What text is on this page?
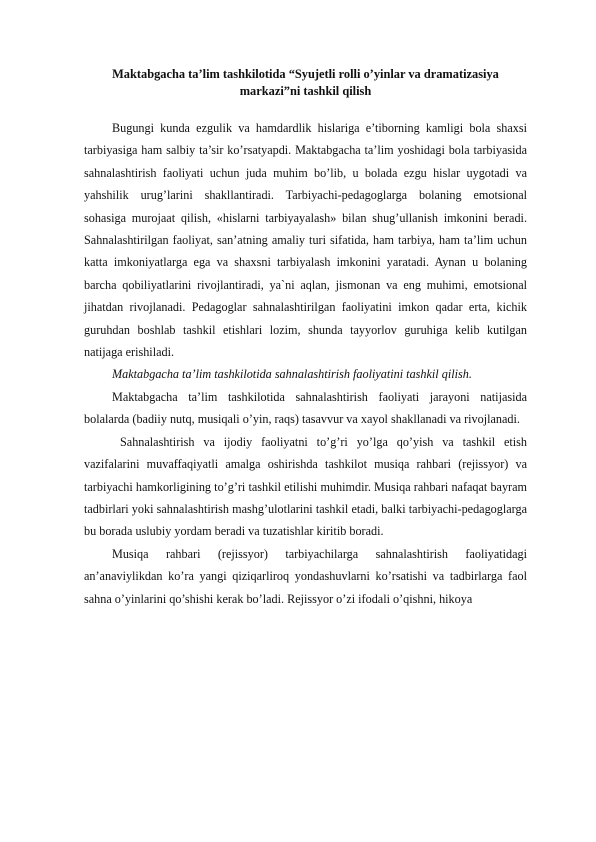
Maktabgacha ta’lim tashkilotida “Syujetli rolli o’yinlar va dramatizasiya
markazi”ni tashkil qilish

Bugungi kunda ezgulik va hamdardlik hislariga e’tiborning kamligi bola shaxsi tarbiyasiga ham salbiy ta’sir ko’rsatyapdi. Maktabgacha ta’lim yoshidagi bola tarbiyasida sahnalashtirish faoliyati uchun juda muhim bo’lib, u bolada ezgu hislar uygotadi va yahshilik urug’larini shakllantiradi. Tarbiyachi-pedagoglarga bolaning emotsional sohasiga murojaat qilish, «hislarni tarbiyayalash» bilan shug’ullanish imkonini beradi. Sahnalashtirilgan faoliyat, san’atning amaliy turi sifatida, ham tarbiya, ham ta’lim uchun katta imkoniyatlarga ega va shaxsni tarbiyalash imkonini yaratadi. Aynan u bolaning barcha qobiliyatlarini rivojlantiradi, ya`ni aqlan, jismonan va eng muhimi, emotsional jihatdan rivojlanadi. Pedagoglar sahnalashtirilgan faoliyatini imkon qadar erta, kichik guruhdan boshlab tashkil etishlari lozim, shunda tayyorlov guruhiga kelib kutilgan natijaga erishiladi.

Maktabgacha ta’lim tashkilotida sahnalashtirish faoliyatini tashkil qilish.

Maktabgacha ta’lim tashkilotida sahnalashtirish faoliyati jarayoni natijasida bolalarda (badiiy nutq, musiqali o’yin, raqs) tasavvur va xayol shakllanadi va rivojlanadi.

Sahnalashtirish va ijodiy faoliyatni to’g’ri yo’lga qo’yish va tashkil etish vazifalarini muvaffaqiyatli amalga oshirishda tashkilot musiqa rahbari (rejissyor) va tarbiyachi hamkorligining to’g’ri tashkil etilishi muhimdir. Musiqa rahbari nafaqat bayram tadbirlari yoki sahnalashtirish mashg’ulotlarini tashkil etadi, balki tarbiyachi-pedagoglarga bu borada uslubiy yordam beradi va tuzatishlar kiritib boradi.

Musiqa rahbari (rejissyor) tarbiyachilarga sahnalashtirish faoliyatidagi an’anaviylikdan ko’ra yangi qiziqarliroq yondashuvlarni ko’rsatishi va tadbirlarga faol sahna o’yinlarini qo’shishi kerak bo’ladi. Rejissyor o’zi ifodali o’qishni, hikoya
